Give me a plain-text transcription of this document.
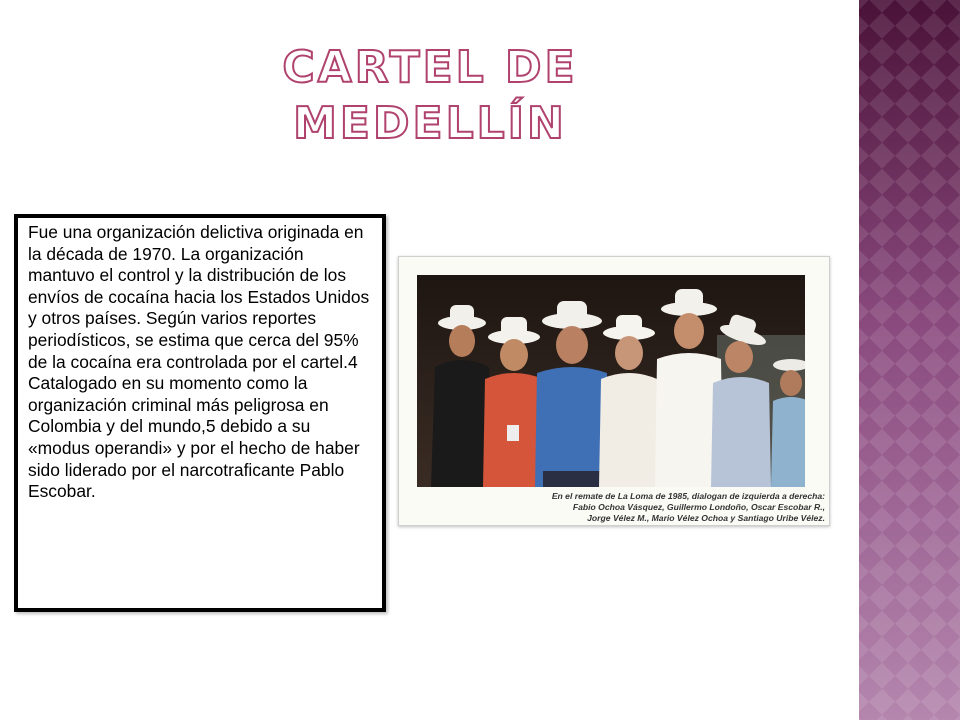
CARTEL DE MEDELLÍN

Fue una organización delictiva originada en la década de 1970. La organización mantuvo el control y la distribución de los envíos de cocaína hacia los Estados Unidos y otros países. Según varios reportes periodísticos, se estima que cerca del 95% de la cocaína era controlada por el cartel.4 Catalogado en su momento como la organización criminal más peligrosa en Colombia y del mundo,5 debido a su «modus operandi» y por el hecho de haber sido liderado por el narcotraficante Pablo Escobar.	En el remate de La Loma de 1985, dialogan de izquierda a derecha:
Fabio Ochoa Vásquez, Guillermo Londoño, Oscar Escobar R.,
Jorge Vélez M., Mario Vélez Ochoa y Santiago Uribe Vélez.
